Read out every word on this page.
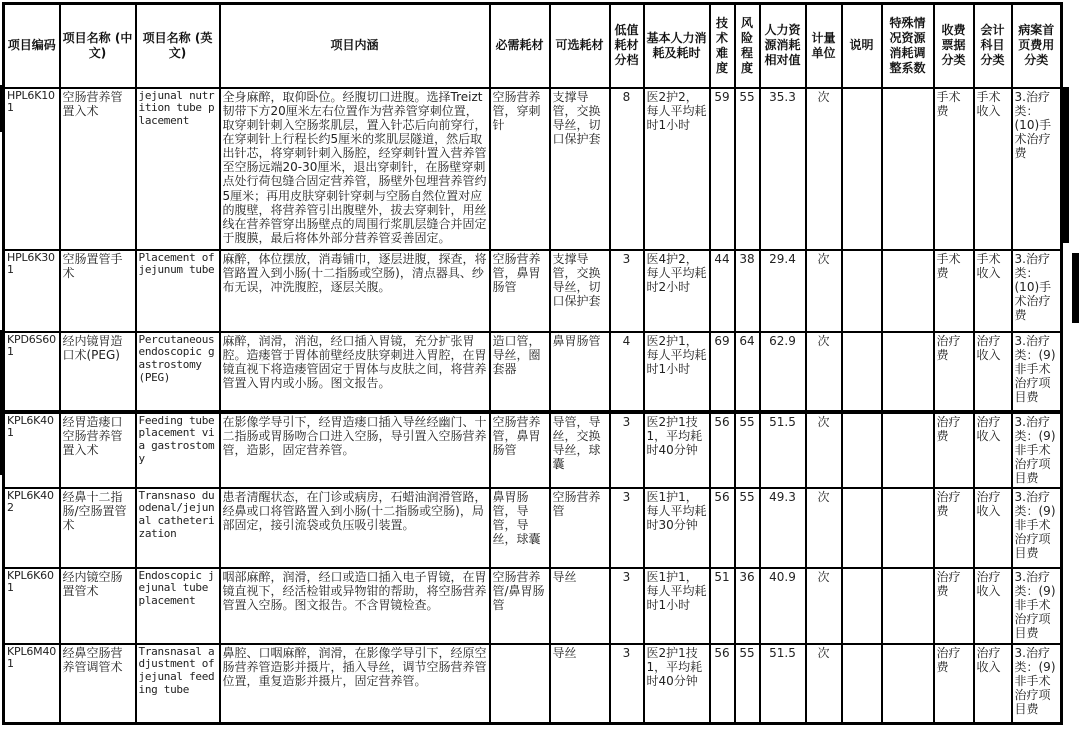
项目编码	项目名称 (中文)	项目名称 (英文)	项目内涵	必需耗材	可选耗材	低值耗材分档	基本人力消耗及耗时	技术难度	风险程度	人力资源消耗相对值	计量单位	说明	特殊情况资源消耗调整系数	收费票据分类	会计科目分类	病案首页费用分类
HPL6K101	空肠营养管置入术	jejunal nutrition tube placement	全身麻醉，取仰卧位。经腹切口进腹。选择Treizt韧带下方20厘米左右位置作为营养管穿刺位置，取穿刺针刺入空肠浆肌层，置入针芯后向前穿行，在穿刺针上行程长约5厘米的浆肌层隧道，然后取出针芯，将穿刺针刺入肠腔，经穿刺针置入营养管至空肠远端20-30厘米，退出穿刺针，在肠壁穿刺点处行荷包缝合固定营养管，肠壁外包埋营养管约5厘米；再用皮肤穿刺针穿刺与空肠自然位置对应的腹壁，将营养管引出腹壁外，拔去穿刺针，用丝线在营养管穿出肠壁点的周围行浆肌层缝合并固定于腹膜，最后将体外部分营养管妥善固定。	空肠营养管，穿刺针	支撑导管，交换导丝，切口保护套	8	医2护2，每人平均耗时1小时	59	55	35.3	次			手术费	手术收入	3.治疗类：(10)手术治疗费
HPL6K301	空肠置管手术	Placement of jejunum tube	麻醉，体位摆放，消毒铺巾，逐层进腹，探查，将管路置入到小肠(十二指肠或空肠)，清点器具、纱布无误，冲洗腹腔，逐层关腹。	空肠营养管，鼻胃肠管	支撑导管，交换导丝，切口保护套	3	医4护2，每人平均耗时2小时	44	38	29.4	次			手术费	手术收入	3.治疗类：(10)手术治疗费
KPD6S601	经内镜胃造口术(PEG)	Percutaneous endoscopic gastrostomy (PEG)	麻醉，润滑，消泡，经口插入胃镜，充分扩张胃腔。造瘘管于胃体前壁经皮肤穿刺进入胃腔，在胃镜直视下将造瘘管固定于胃体与皮肤之间，将营养管置入胃内或小肠。图文报告。	造口管，导丝，圈套器	鼻胃肠管	4	医2护1，每人平均耗时1小时	69	64	62.9	次			治疗费	治疗收入	3.治疗类：(9)非手术治疗项目费
KPL6K401	经胃造瘘口空肠营养管置入术	Feeding tube placement via gastrostomy	在影像学导引下，经胃造瘘口插入导丝经幽门、十二指肠或胃肠吻合口进入空肠，导引置入空肠营养管，造影，固定营养管。	空肠营养管，鼻胃肠管	导管，导丝，交换导丝，球囊	3	医2护1技1，平均耗时40分钟	56	55	51.5	次			治疗费	治疗收入	3.治疗类：(9)非手术治疗项目费
KPL6K402	经鼻十二指肠/空肠置管术	Transnaso duodenal/jejunal catheterization	患者清醒状态，在门诊或病房，石蜡油润滑管路，经鼻或口将管路置入到小肠(十二指肠或空肠)，局部固定，接引流袋或负压吸引装置。	鼻胃肠管，导管，导丝，球囊	空肠营养管	3	医1护1，每人平均耗时30分钟	56	55	49.3	次			治疗费	治疗收入	3.治疗类：(9)非手术治疗项目费
KPL6K601	经内镜空肠置管术	Endoscopic jejunal tube placement	咽部麻醉，润滑，经口或造口插入电子胃镜，在胃镜直视下，经活检钳或异物钳的帮助，将空肠营养管置入空肠。图文报告。不含胃镜检查。	空肠营养管/鼻胃肠管	导丝	3	医1护1，每人平均耗时1小时	51	36	40.9	次			治疗费	治疗收入	3.治疗类：(9)非手术治疗项目费
KPL6M401	经鼻空肠营养管调管术	Transnasal adjustment of jejunal feeding tube	鼻腔、口咽麻醉，润滑，在影像学导引下，经原空肠营养管造影并摄片，插入导丝，调节空肠营养管位置，重复造影并摄片，固定营养管。		导丝	3	医2护1技1，平均耗时40分钟	56	55	51.5	次			治疗费	治疗收入	3.治疗类：(9)非手术治疗项目费
